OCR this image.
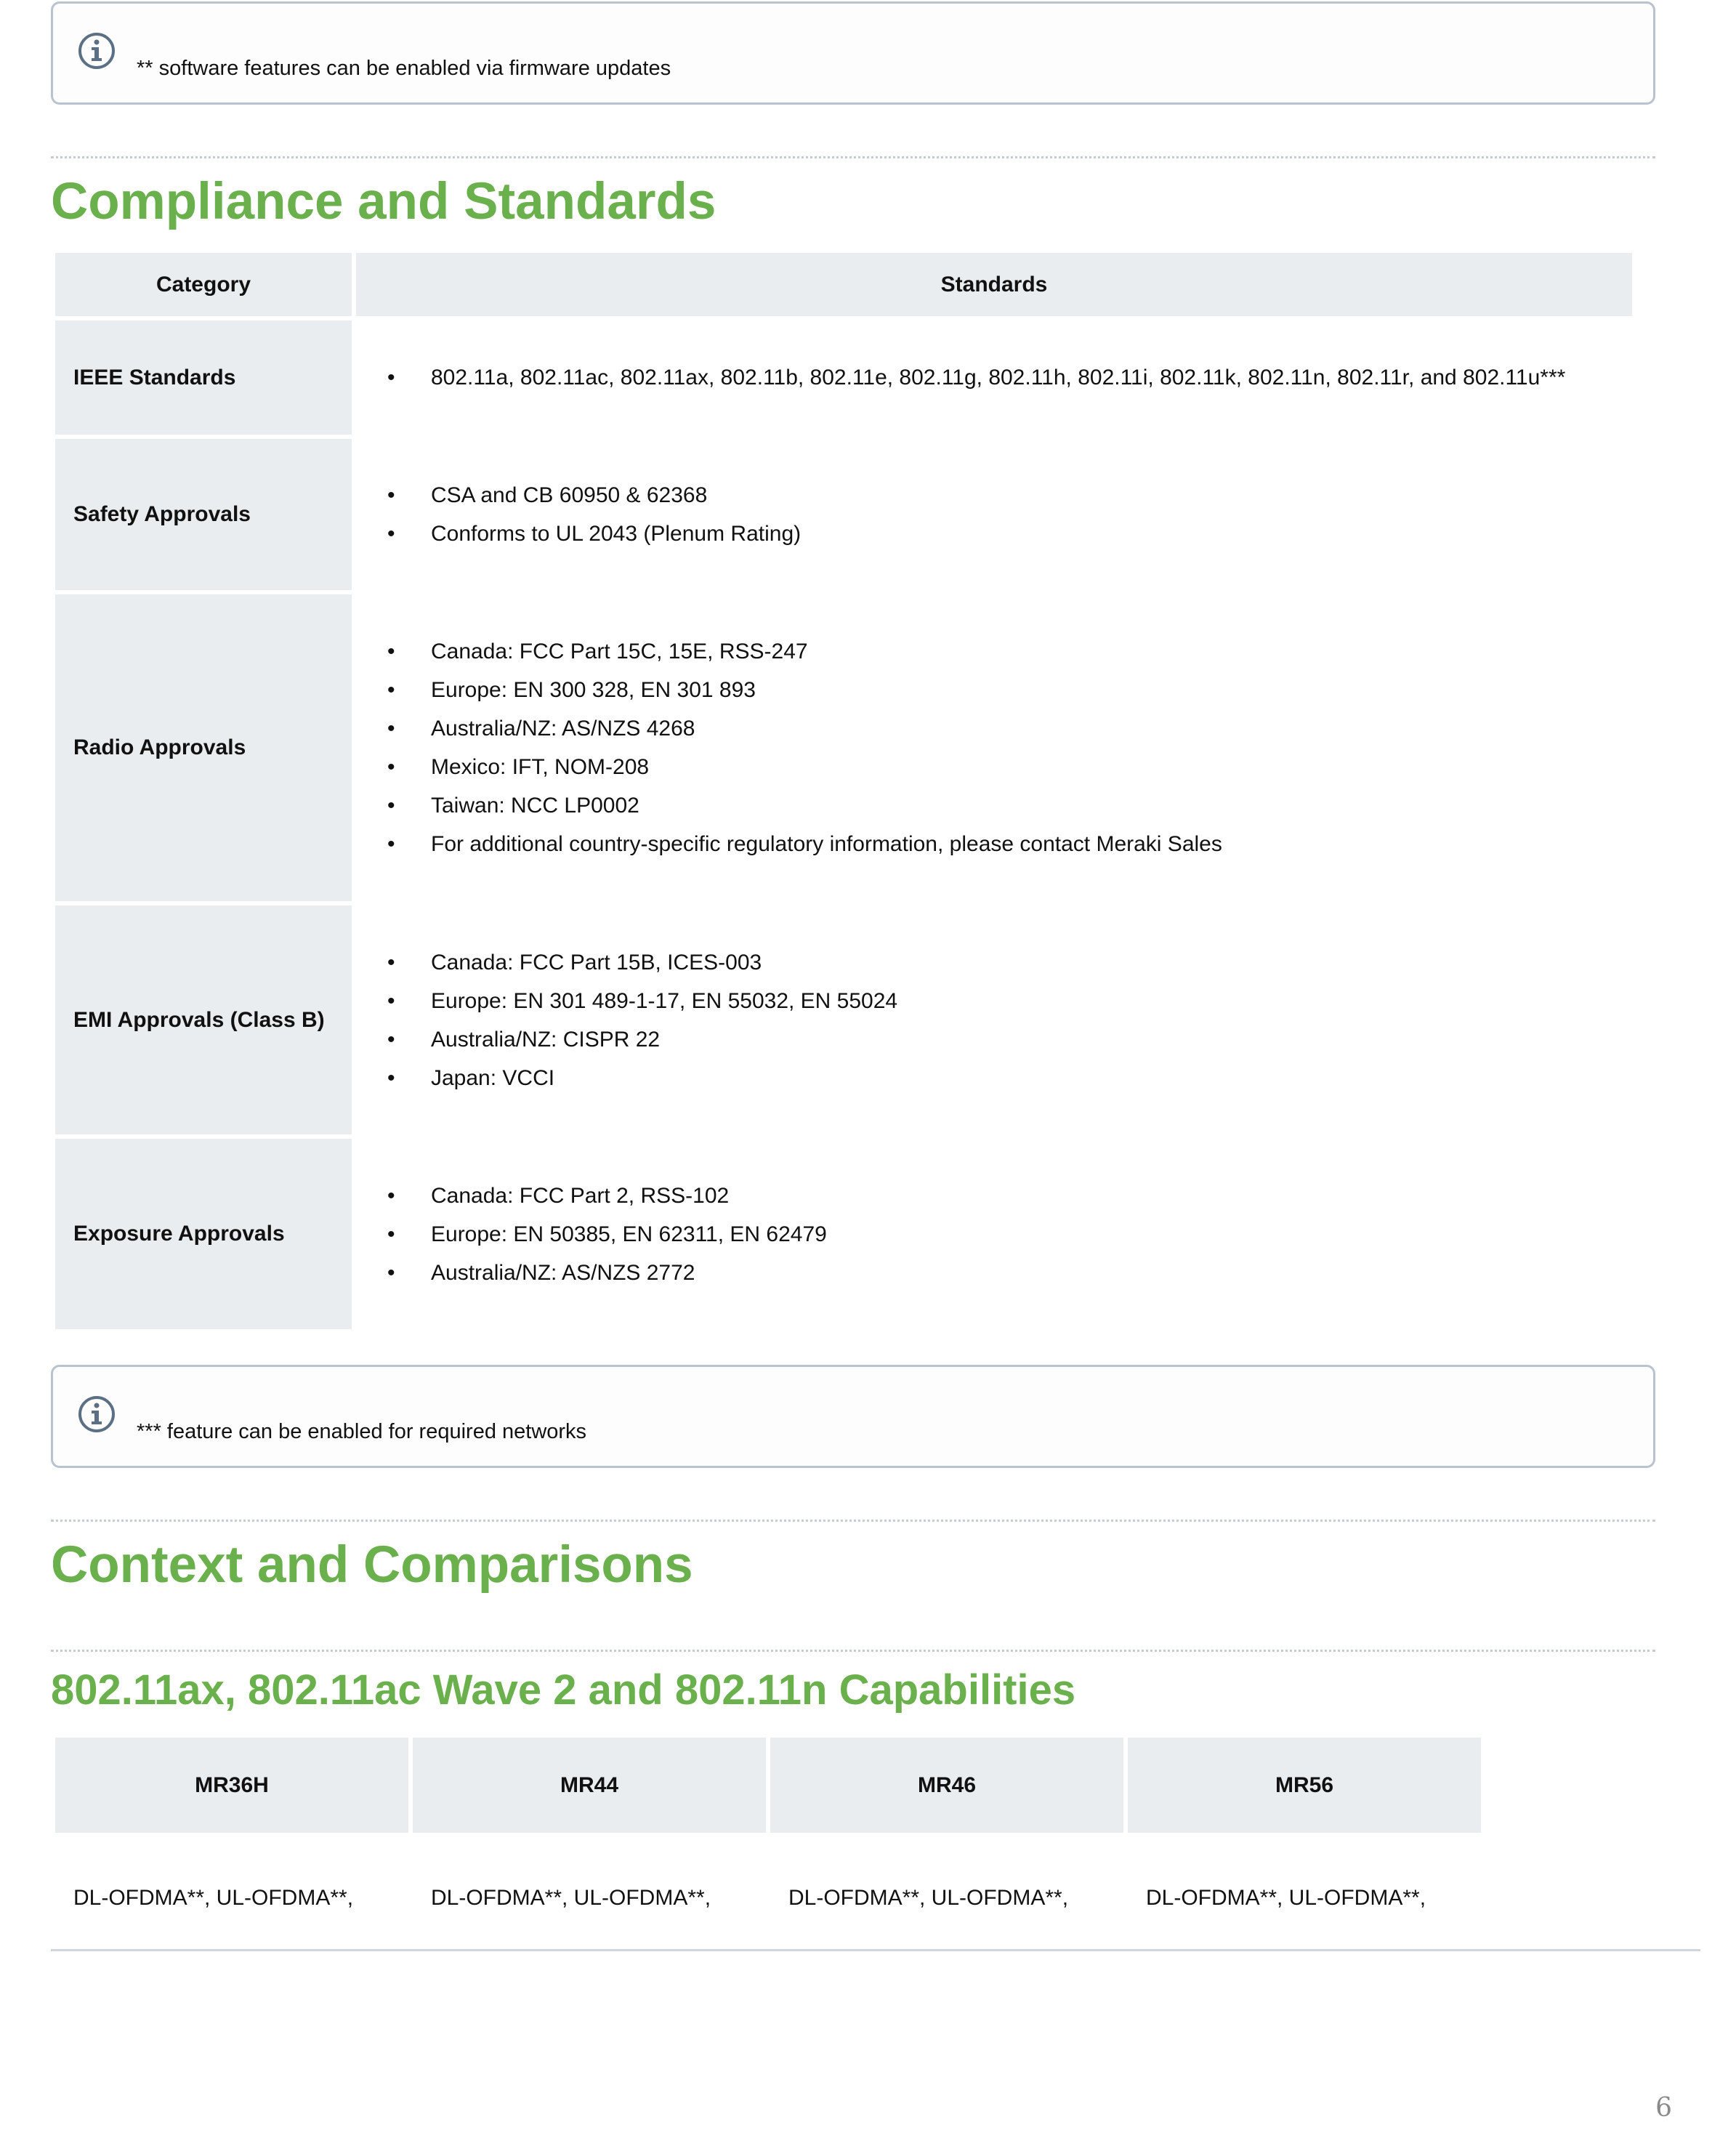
** software features can be enabled via firmware updates
Compliance and Standards
Category	Standards
IEEE Standards
•	802.11a, 802.11ac, 802.11ax, 802.11b, 802.11e, 802.11g, 802.11h, 802.11i, 802.11k, 802.11n, 802.11r, and 802.11u***
Safety Approvals
• CSA and CB 60950 & 62368
• Conforms to UL 2043 (Plenum Rating)
Radio Approvals
• Canada: FCC Part 15C, 15E, RSS-247
• Europe: EN 300 328, EN 301 893
• Australia/NZ: AS/NZS 4268
• Mexico: IFT, NOM-208
• Taiwan: NCC LP0002
• For additional country-specific regulatory information, please contact Meraki Sales
EMI Approvals (Class B)
• Canada: FCC Part 15B, ICES-003
• Europe: EN 301 489-1-17, EN 55032, EN 55024
• Australia/NZ: CISPR 22
• Japan: VCCI
Exposure Approvals
• Canada: FCC Part 2, RSS-102
• Europe: EN 50385, EN 62311, EN 62479
• Australia/NZ: AS/NZS 2772
*** feature can be enabled for required networks
Context and Comparisons
802.11ax, 802.11ac Wave 2 and 802.11n Capabilities
MR36H	MR44	MR46	MR56
DL-OFDMA**, UL-OFDMA**,	DL-OFDMA**, UL-OFDMA**,	DL-OFDMA**, UL-OFDMA**,	DL-OFDMA**, UL-OFDMA**,
6
